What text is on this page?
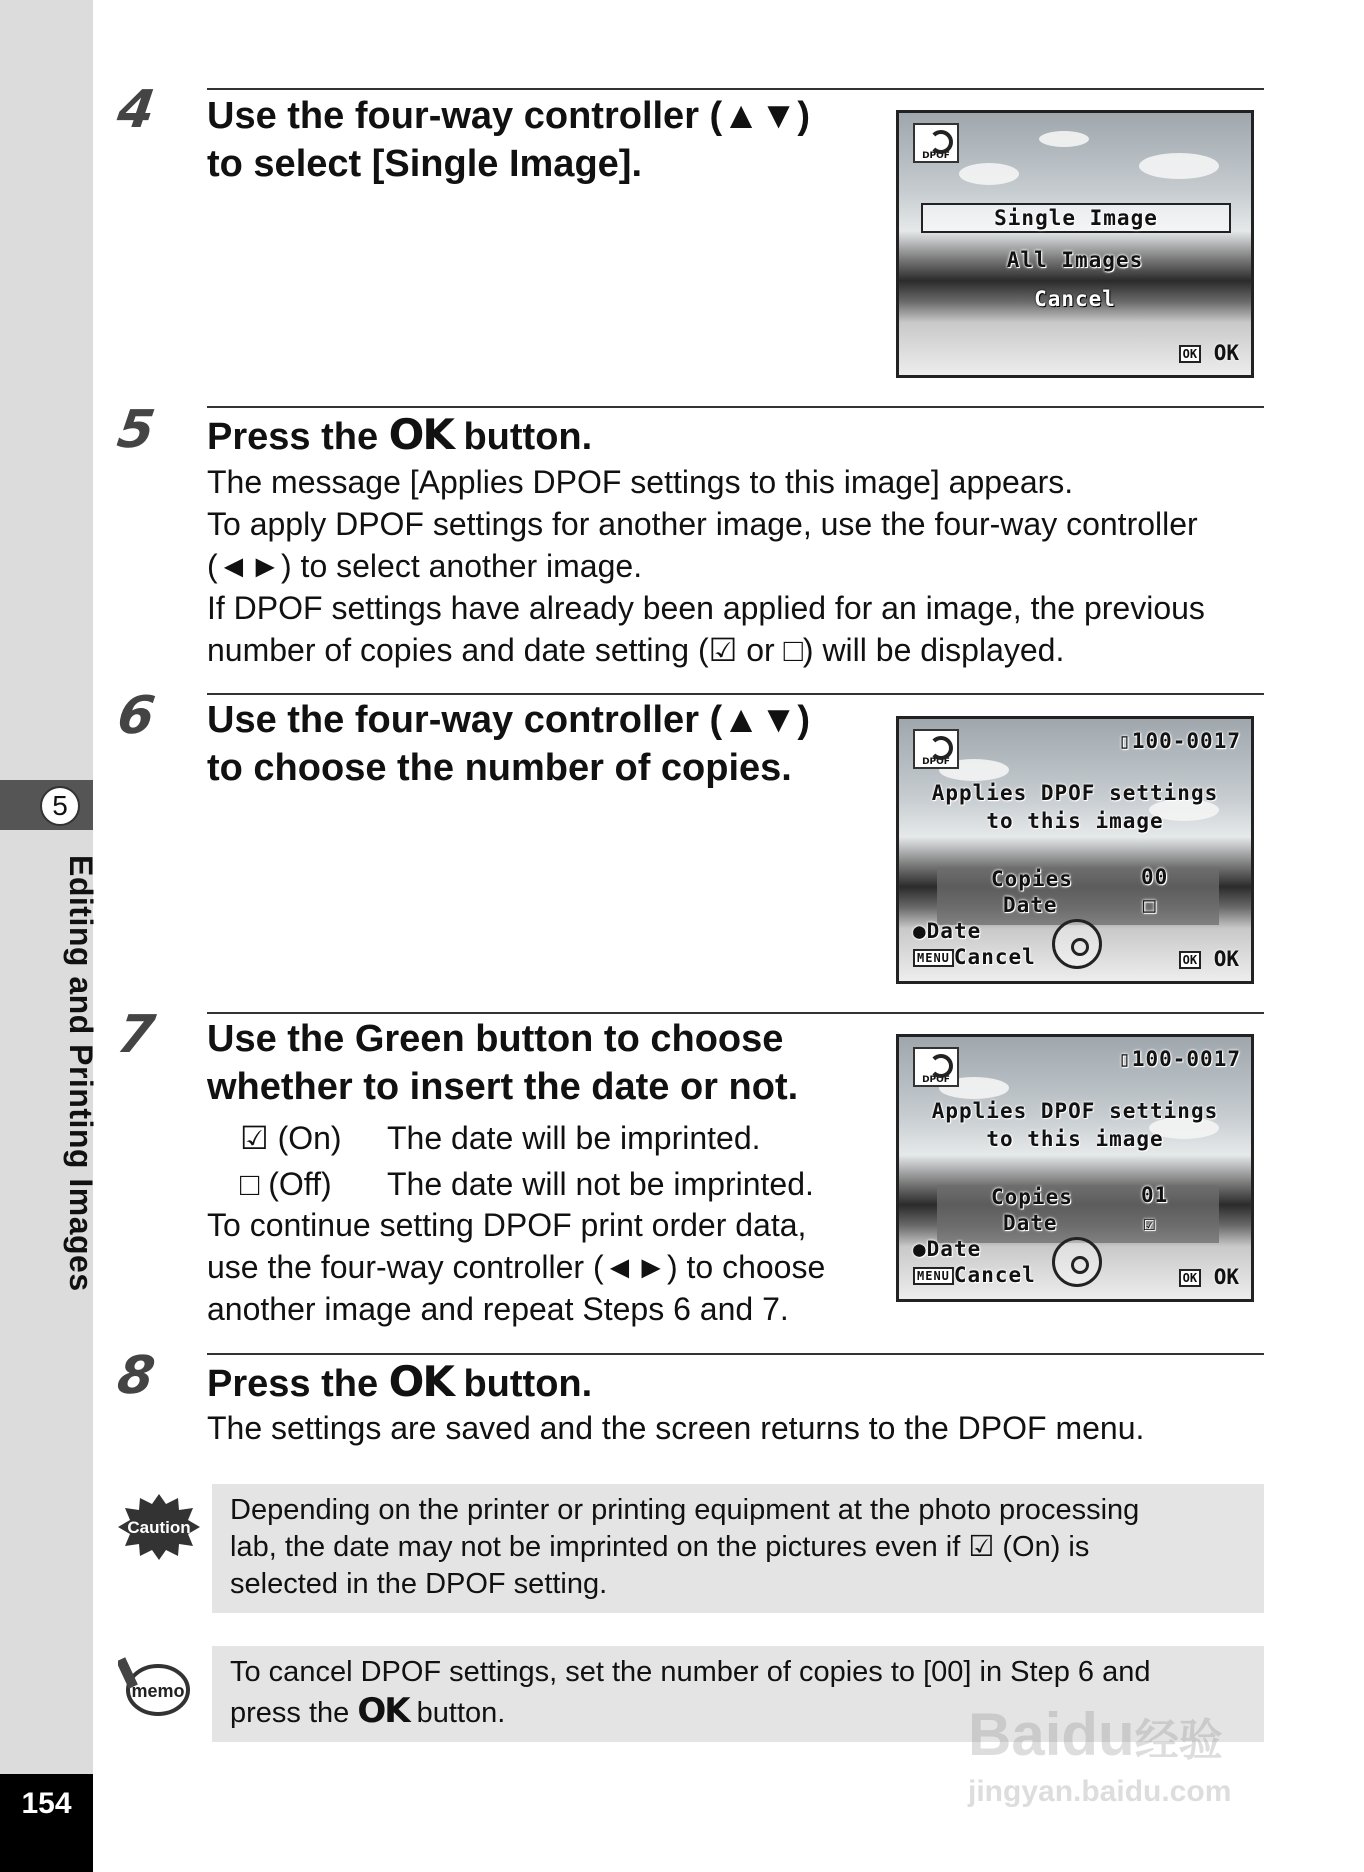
5
Editing and Printing Images
154
4 Use the four-way controller (▲▼)
to select [Single Image].	DPOF
Single Image
All Images
Cancel
OK OK
5 Press the OK button.
The message [Applies DPOF settings to this image] appears.
To apply DPOF settings for another image, use the four-way controller
(◄►) to select another image.
If DPOF settings have already been applied for an image, the previous
number of copies and date setting (☑ or □) will be displayed.
6 Use the four-way controller (▲▼)
to choose the number of copies.	DPOF
▯100-0017
Applies DPOF settings
to this image
Copies	00
Date	□
●Date
MENU Cancel	OK OK
7 Use the Green button to choose
whether to insert the date or not.
☑ (On) The date will be imprinted.
□ (Off) The date will not be imprinted.
To continue setting DPOF print order data,
use the four-way controller (◄►) to choose
another image and repeat Steps 6 and 7.
DPOF
▯100-0017
Applies DPOF settings
to this image
Copies	01
Date	☑
●Date
MENU Cancel	OK OK
8 Press the OK button.
The settings are saved and the screen returns to the DPOF menu.
Caution
Depending on the printer or printing equipment at the photo processing
lab, the date may not be imprinted on the pictures even if ☑ (On) is
selected in the DPOF setting.
memo
To cancel DPOF settings, set the number of copies to [00] in Step 6 and
press the OK button.	Baidu经验
jingyan.baidu.com
